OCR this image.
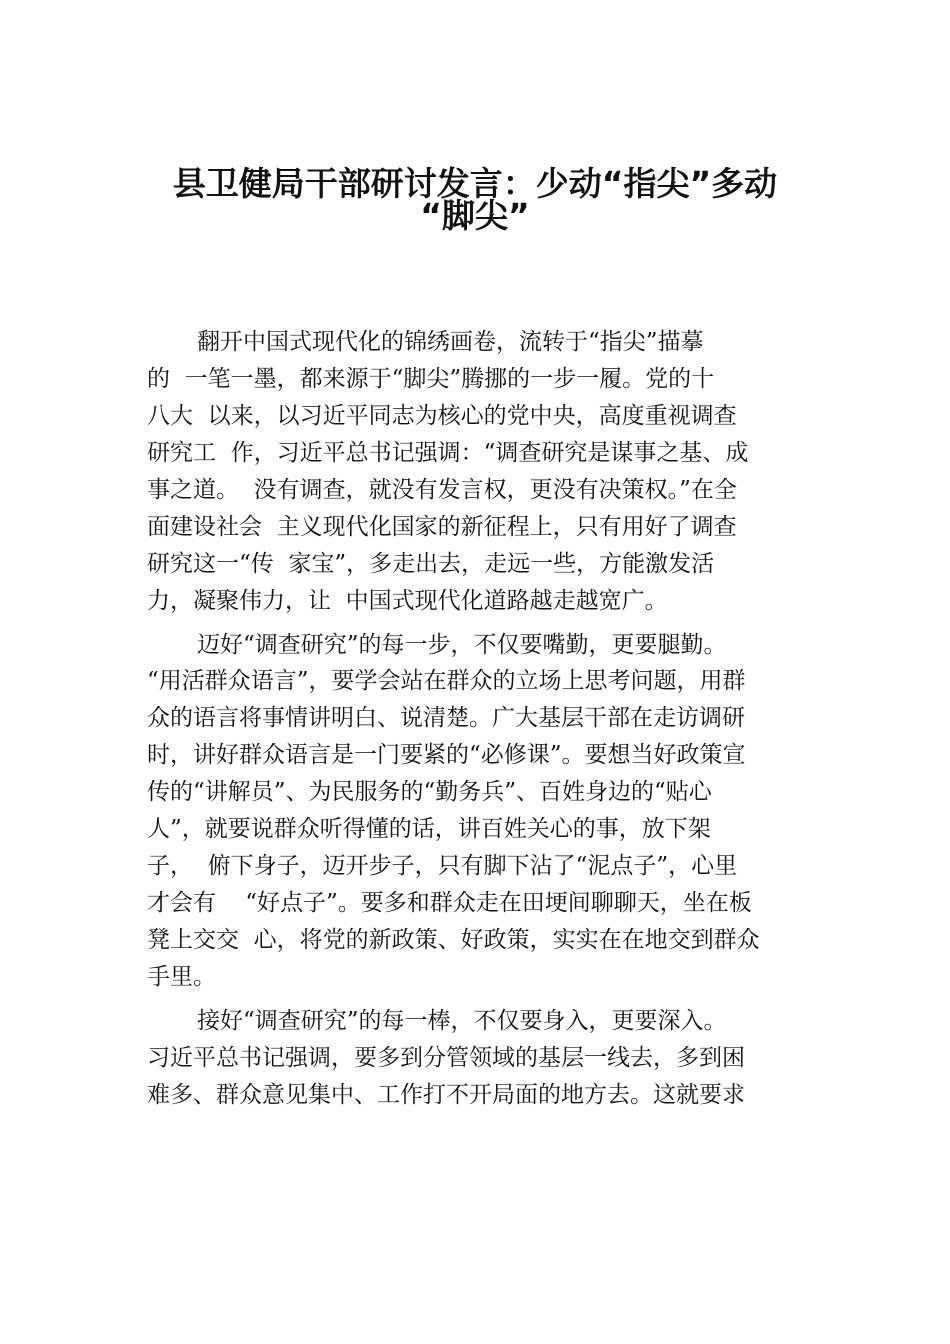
县卫健局干部研讨发言：少动“指尖”多动
“脚尖”
翻开中国式现代化的锦绣画卷，流转于“指尖”描摹
的  一笔一墨，都来源于“脚尖”腾挪的一步一履。党的十
八大  以来，以习近平同志为核心的党中央，高度重视调查
研究工  作，习近平总书记强调：“调查研究是谋事之基、成
事之道。  没有调查，就没有发言权，更没有决策权。”在全
面建设社会  主义现代化国家的新征程上，只有用好了调查
研究这一“传  家宝”，多走出去，走远一些，方能激发活
力，凝聚伟力，让  中国式现代化道路越走越宽广。
迈好“调查研究”的每一步，不仅要嘴勤，更要腿勤。
“用活群众语言”，要学会站在群众的立场上思考问题，用群
众的语言将事情讲明白、说清楚。广大基层干部在走访调研
时，讲好群众语言是一门要紧的“必修课”。要想当好政策宣
传的“讲解员”、为民服务的“勤务兵”、百姓身边的“贴心
人”，就要说群众听得懂的话，讲百姓关心的事，放下架
子，  俯下身子，迈开步子，只有脚下沾了“泥点子”，心里
才会有    “好点子”。要多和群众走在田埂间聊聊天，坐在板
凳上交交  心，将党的新政策、好政策，实实在在地交到群众
手里。
接好“调查研究”的每一棒，不仅要身入，更要深入。
习近平总书记强调，要多到分管领域的基层一线去，多到困
难多、群众意见集中、工作打不开局面的地方去。这就要求
